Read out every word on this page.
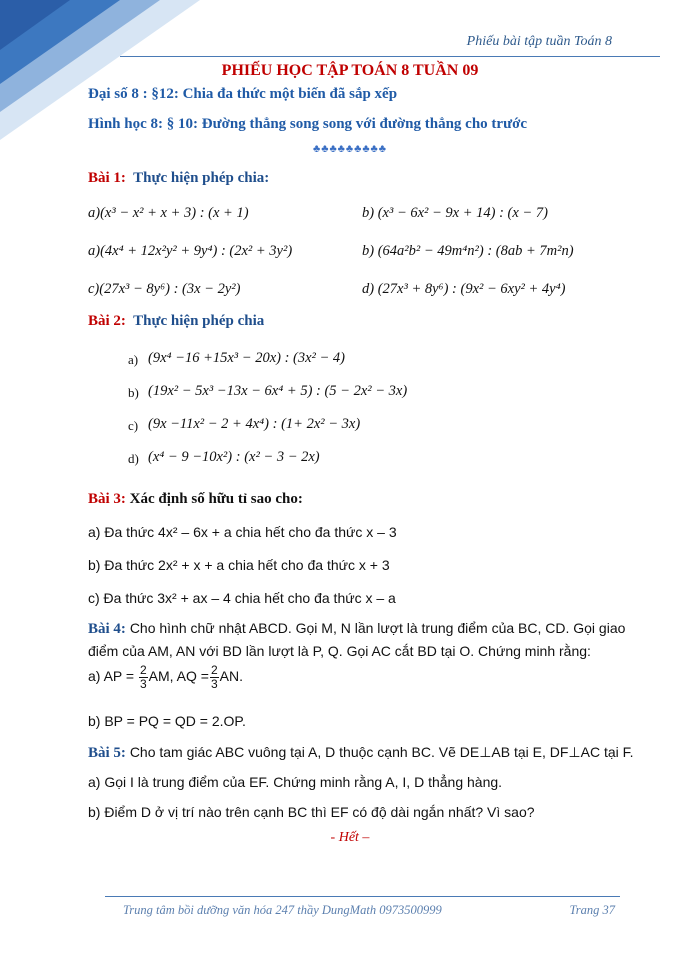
Phiếu bài tập tuần Toán 8
PHIẾU HỌC TẬP TOÁN 8 TUẦN 09
Đại số 8 : §12: Chia đa thức một biến đã sắp xếp
Hình học 8: § 10: Đường thẳng song song với đường thẳng cho trước
♣♣♣♣♣♣♣♣♣
Bài 1: Thực hiện phép chia:
a)(x³ − x² + x + 3) : (x + 1)	b) (x³ − 6x² − 9x + 14) : (x − 7)
a)(4x⁴ + 12x²y² + 9y⁴) : (2x² + 3y²)	b) (64a²b² − 49m⁴n²) : (8ab + 7m²n)
c)(27x³ − 8y⁶) : (3x − 2y²)	d) (27x³ + 8y⁶) : (9x² − 6xy² + 4y⁴)
Bài 2: Thực hiện phép chia
a) (9x⁴ −16 +15x³ − 20x) : (3x² − 4)
b) (19x² − 5x³ −13x − 6x⁴ + 5) : (5 − 2x² − 3x)
c) (9x −11x² − 2 + 4x⁴) : (1+ 2x² − 3x)
d) (x⁴ − 9 −10x²) : (x² − 3 − 2x)
Bài 3: Xác định số hữu tỉ sao cho:
a) Đa thức 4x² – 6x + a chia hết cho đa thức x – 3
b) Đa thức 2x² + x + a chia hết cho đa thức x + 3
c) Đa thức 3x² + ax – 4 chia hết cho đa thức x – a
Bài 4: Cho hình chữ nhật ABCD. Gọi M, N lần lượt là trung điểm của BC, CD. Gọi giao điểm của AM, AN với BD lần lượt là P, Q. Gọi AC cắt BD tại O. Chứng minh rằng:
a) AP = $\frac{2}{3}$ AM, AQ = $\frac{2}{3}$ AN.
b) BP = PQ = QD = 2.OP.
Bài 5: Cho tam giác ABC vuông tại A, D thuộc cạnh BC. Vẽ DE⊥AB tại E, DF⊥AC tại F.
a) Gọi I là trung điểm của EF. Chứng minh rằng A, I, D thẳng hàng.
b) Điểm D ở vị trí nào trên cạnh BC thì EF có độ dài ngắn nhất? Vì sao?
- Hết –
Trung tâm bồi dưỡng văn hóa 247 thầy DungMath 0973500999	Trang 37
